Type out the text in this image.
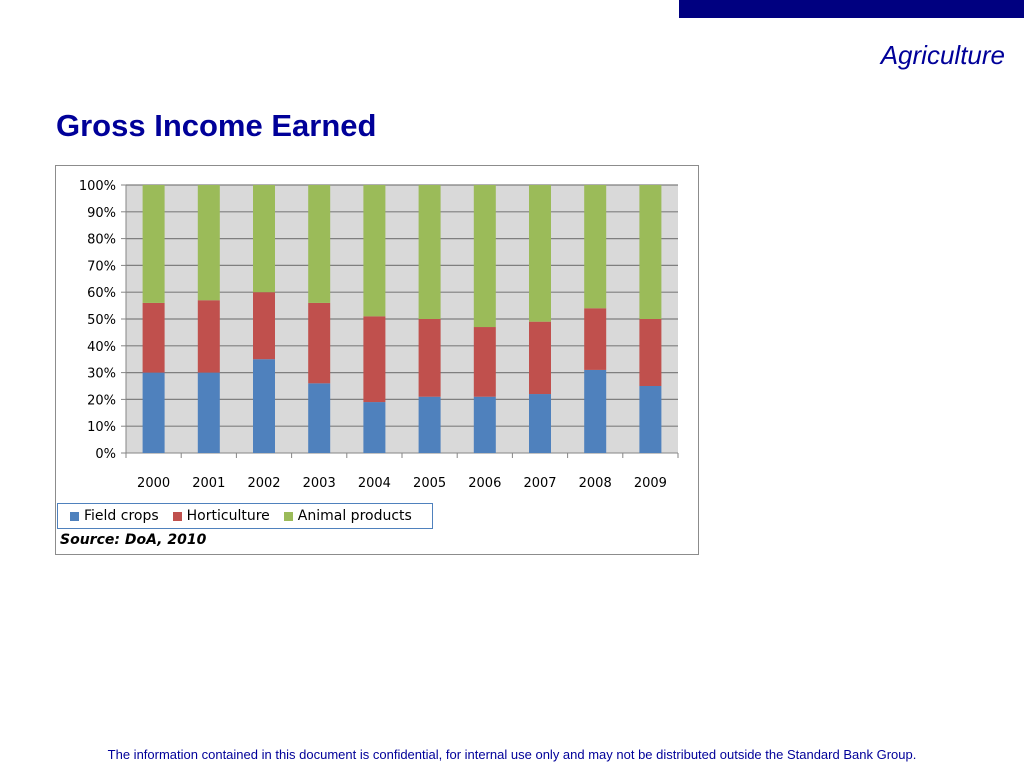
Agriculture
Gross Income Earned
0%
10%
20%
30%
40%
50%
60%
70%
80%
90%
100%
2000 2001 2002 2003 2004 2005 2006 2007 2008 2009
Field crops Horticulture Animal products
Source: DoA, 2010
The information contained in this document is confidential, for internal use only and may not be distributed outside the Standard Bank Group.
